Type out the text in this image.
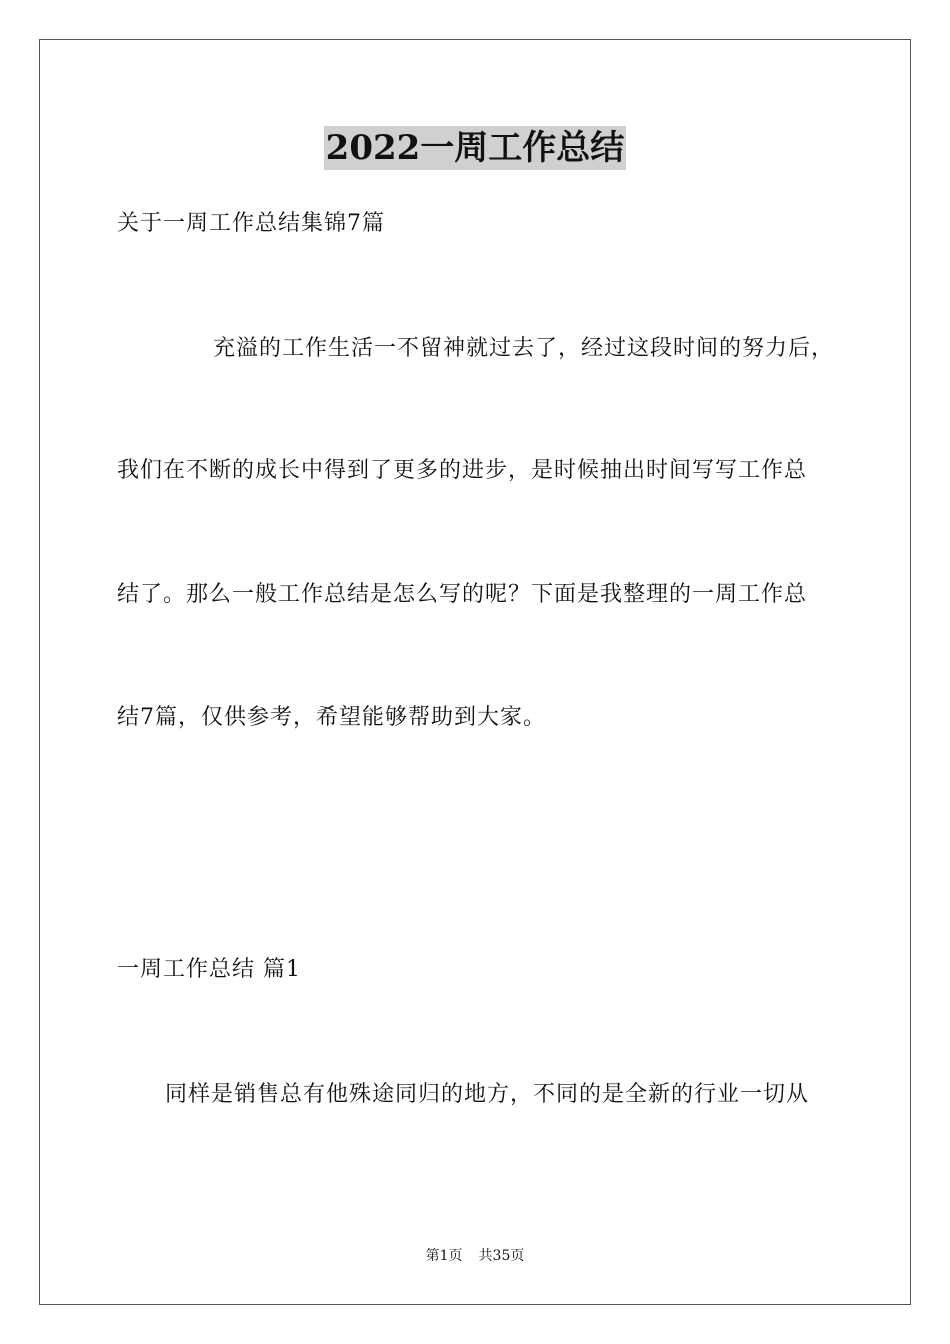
2022一周工作总结
关于一周工作总结集锦7篇
充溢的工作生活一不留神就过去了，经过这段时间的努力后，
我们在不断的成长中得到了更多的进步，是时候抽出时间写写工作总
结了。那么一般工作总结是怎么写的呢？下面是我整理的一周工作总
结7篇，仅供参考，希望能够帮助到大家。
一周工作总结 篇1
同样是销售总有他殊途同归的地方，不同的是全新的行业一切从
第1页 共35页
